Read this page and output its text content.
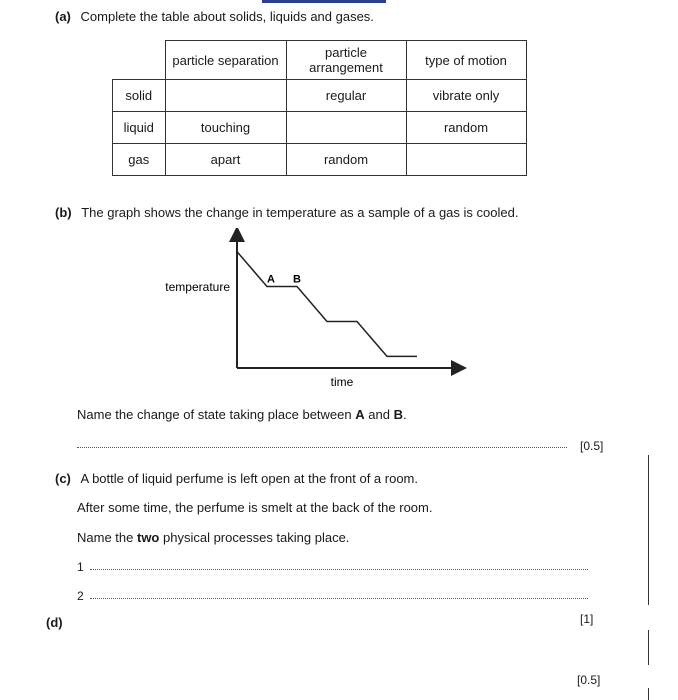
(a) Complete the table about solids, liquids and gases.
	particle separation	particle arrangement	type of motion
solid		regular	vibrate only
liquid	touching		random
gas	apart	random	
(b) The graph shows the change in temperature as a sample of a gas is cooled.
temperature
time
A B
Name the change of state taking place between A and B.
[0.5]
(c) A bottle of liquid perfume is left open at the front of a room.
After some time, the perfume is smelt at the back of the room.
Name the two physical processes taking place.
1
2
(d)	[1]
[0.5]
